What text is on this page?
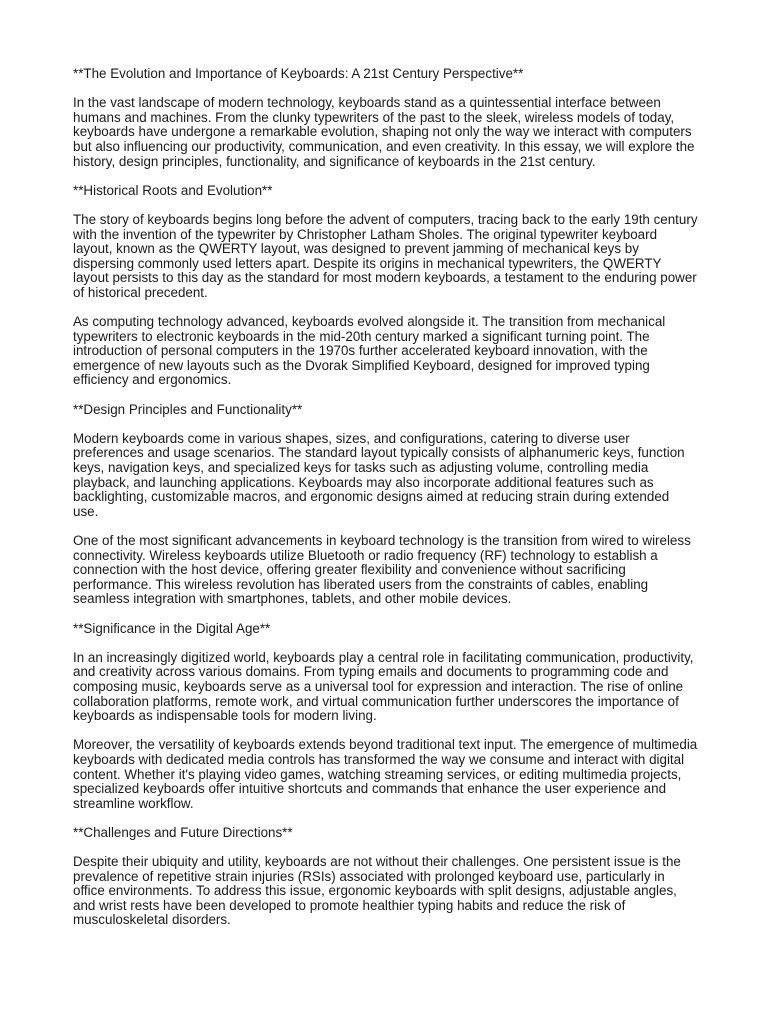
**The Evolution and Importance of Keyboards: A 21st Century Perspective**

In the vast landscape of modern technology, keyboards stand as a quintessential interface between humans and machines. From the clunky typewriters of the past to the sleek, wireless models of today, keyboards have undergone a remarkable evolution, shaping not only the way we interact with computers but also influencing our productivity, communication, and even creativity. In this essay, we will explore the history, design principles, functionality, and significance of keyboards in the 21st century.

**Historical Roots and Evolution**

The story of keyboards begins long before the advent of computers, tracing back to the early 19th century with the invention of the typewriter by Christopher Latham Sholes. The original typewriter keyboard layout, known as the QWERTY layout, was designed to prevent jamming of mechanical keys by dispersing commonly used letters apart. Despite its origins in mechanical typewriters, the QWERTY layout persists to this day as the standard for most modern keyboards, a testament to the enduring power of historical precedent.

As computing technology advanced, keyboards evolved alongside it. The transition from mechanical typewriters to electronic keyboards in the mid-20th century marked a significant turning point. The introduction of personal computers in the 1970s further accelerated keyboard innovation, with the emergence of new layouts such as the Dvorak Simplified Keyboard, designed for improved typing efficiency and ergonomics.

**Design Principles and Functionality**

Modern keyboards come in various shapes, sizes, and configurations, catering to diverse user preferences and usage scenarios. The standard layout typically consists of alphanumeric keys, function keys, navigation keys, and specialized keys for tasks such as adjusting volume, controlling media playback, and launching applications. Keyboards may also incorporate additional features such as backlighting, customizable macros, and ergonomic designs aimed at reducing strain during extended use.

One of the most significant advancements in keyboard technology is the transition from wired to wireless connectivity. Wireless keyboards utilize Bluetooth or radio frequency (RF) technology to establish a connection with the host device, offering greater flexibility and convenience without sacrificing performance. This wireless revolution has liberated users from the constraints of cables, enabling seamless integration with smartphones, tablets, and other mobile devices.

**Significance in the Digital Age**

In an increasingly digitized world, keyboards play a central role in facilitating communication, productivity, and creativity across various domains. From typing emails and documents to programming code and composing music, keyboards serve as a universal tool for expression and interaction. The rise of online collaboration platforms, remote work, and virtual communication further underscores the importance of keyboards as indispensable tools for modern living.

Moreover, the versatility of keyboards extends beyond traditional text input. The emergence of multimedia keyboards with dedicated media controls has transformed the way we consume and interact with digital content. Whether it's playing video games, watching streaming services, or editing multimedia projects, specialized keyboards offer intuitive shortcuts and commands that enhance the user experience and streamline workflow.

**Challenges and Future Directions**

Despite their ubiquity and utility, keyboards are not without their challenges. One persistent issue is the prevalence of repetitive strain injuries (RSIs) associated with prolonged keyboard use, particularly in office environments. To address this issue, ergonomic keyboards with split designs, adjustable angles, and wrist rests have been developed to promote healthier typing habits and reduce the risk of musculoskeletal disorders.
